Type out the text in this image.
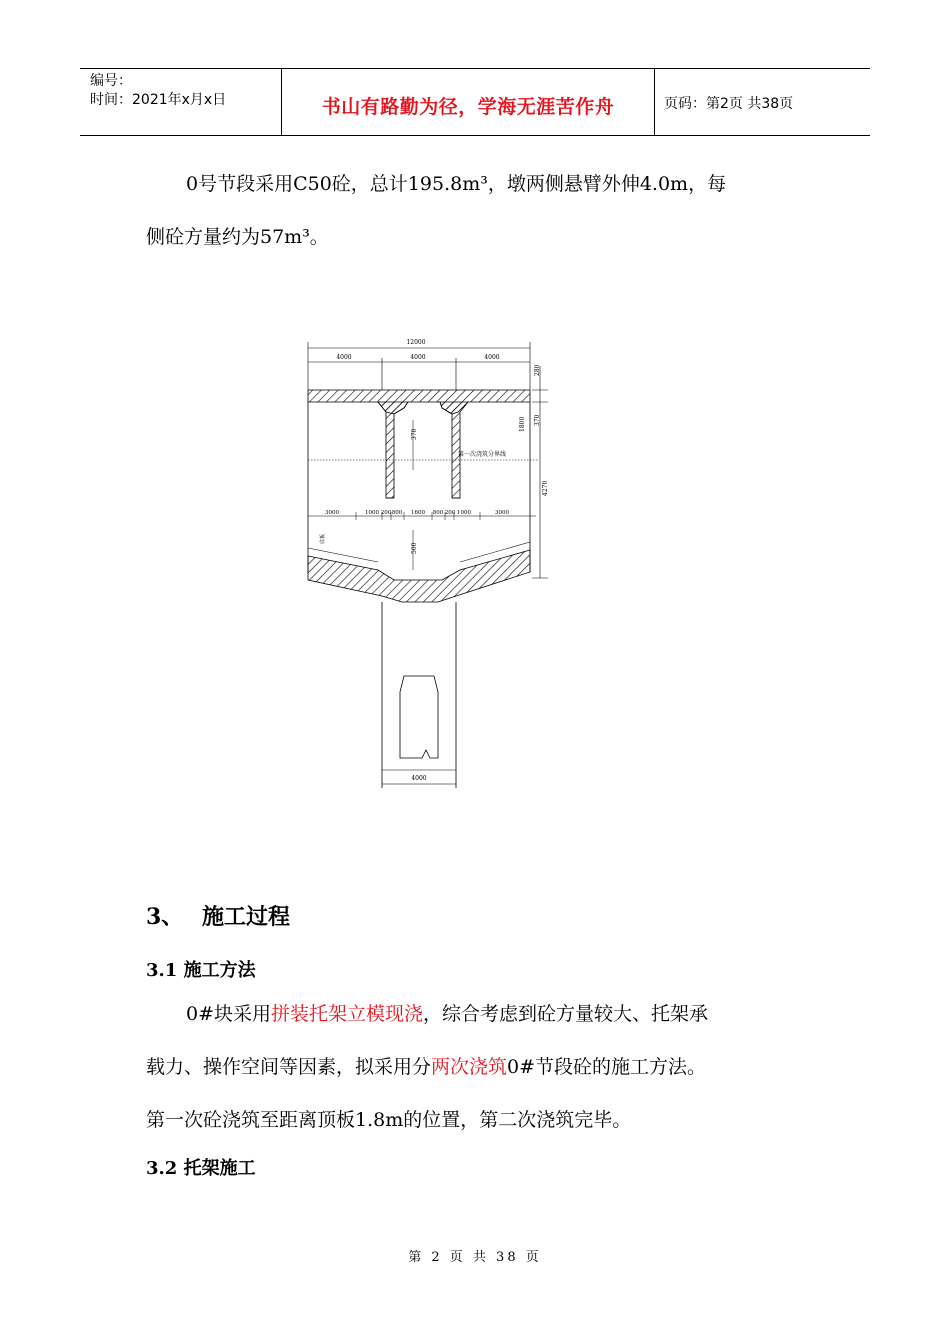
编号：
时间：2021年x月x日	书山有路勤为径，学海无涯苦作舟	页码：第2页 共38页
0号节段采用C50砼，总计195.8m³，墩两侧悬臂外伸4.0m，每
侧砼方量约为57m³。
12000
4000	4000	4000
第一次浇筑分界线
370
3000	1000 200 800 1600 800 200 1000	3000
底板
500
280
1800 370
4270
4000
3、 施工过程
3.1 施工方法
0#块采用拼装托架立模现浇，综合考虑到砼方量较大、托架承
载力、操作空间等因素，拟采用分两次浇筑0#节段砼的施工方法。
第一次砼浇筑至距离顶板1.8m的位置，第二次浇筑完毕。
3.2 托架施工
第 2 页 共 38 页
